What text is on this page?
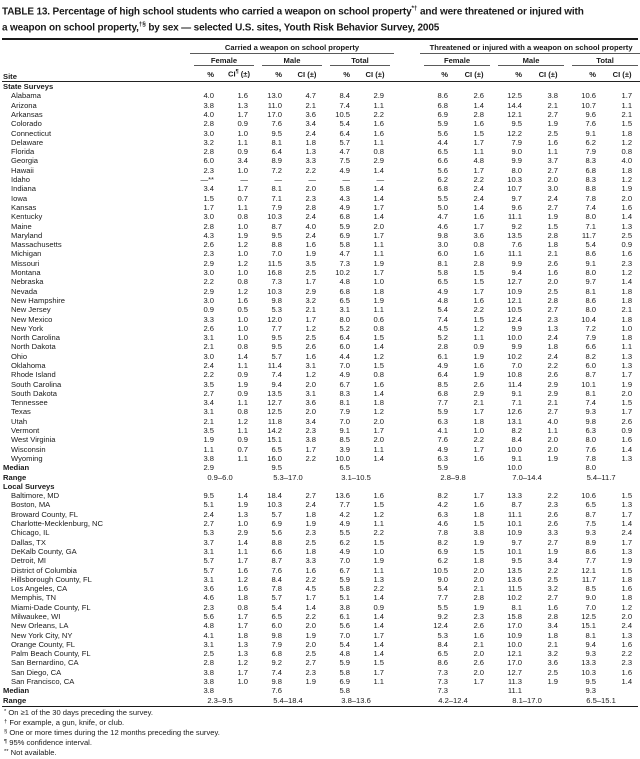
TABLE 13. Percentage of high school students who carried a weapon on school property*† and were threatened or injured with
a weapon on school property,†§ by sex — selected U.S. sites, Youth Risk Behavior Survey, 2005
Site	Carried a weapon on school property							Threatened or injured with a weapon on school property					

	Female		Male		Total			Female		Male		Total	

	%	CI¶ (±)	%	CI (±)	%	CI (±)		%	CI (±)	%	CI (±)	%	CI (±)
State Surveys													
Alabama	4.0	1.6	13.0	4.7	8.4	2.9		8.6	2.6	12.5	3.8	10.6	1.7
Arizona	3.8	1.3	11.0	2.1	7.4	1.1		6.8	1.4	14.4	2.1	10.7	1.1
Arkansas	4.0	1.7	17.0	3.6	10.5	2.2		6.9	2.8	12.1	2.7	9.6	2.1
Colorado	2.8	0.9	7.6	3.4	5.4	1.6		5.9	1.6	9.5	1.9	7.6	1.5
Connecticut	3.0	1.0	9.5	2.4	6.4	1.6		5.6	1.5	12.2	2.5	9.1	1.8
Delaware	3.2	1.1	8.1	1.8	5.7	1.1		4.4	1.7	7.9	1.6	6.2	1.2
Florida	2.8	0.9	6.4	1.3	4.7	0.8		6.5	1.1	9.0	1.1	7.9	0.8
Georgia	6.0	3.4	8.9	3.3	7.5	2.9		6.6	4.8	9.9	3.7	8.3	4.0
Hawaii	2.3	1.0	7.2	2.2	4.9	1.4		5.6	1.7	8.0	2.7	6.8	1.8
Idaho	—**	—	—	—	—	—		6.2	2.2	10.3	2.0	8.3	1.2
Indiana	3.4	1.7	8.1	2.0	5.8	1.4		6.8	2.4	10.7	3.0	8.8	1.9
Iowa	1.5	0.7	7.1	2.3	4.3	1.4		5.5	2.4	9.7	2.4	7.8	2.0
Kansas	1.7	1.1	7.9	2.8	4.9	1.7		5.0	1.4	9.6	2.7	7.4	1.6
Kentucky	3.0	0.8	10.3	2.4	6.8	1.4		4.7	1.6	11.1	1.9	8.0	1.4
Maine	2.8	1.0	8.7	4.0	5.9	2.0		4.6	1.7	9.2	1.5	7.1	1.3
Maryland	4.3	1.9	9.5	2.4	6.9	1.7		9.8	3.6	13.5	2.8	11.7	2.5
Massachusetts	2.6	1.2	8.8	1.6	5.8	1.1		3.0	0.8	7.6	1.8	5.4	0.9
Michigan	2.3	1.0	7.0	1.9	4.7	1.1		6.0	1.6	11.1	2.1	8.6	1.6
Missouri	2.9	1.2	11.5	3.5	7.3	1.9		8.1	2.8	9.9	2.6	9.1	2.3
Montana	3.0	1.0	16.8	2.5	10.2	1.7		5.8	1.5	9.4	1.6	8.0	1.2
Nebraska	2.2	0.8	7.3	1.7	4.8	1.0		6.5	1.5	12.7	2.0	9.7	1.4
Nevada	2.9	1.2	10.3	2.9	6.8	1.8		4.9	1.7	10.9	2.5	8.1	1.8
New Hampshire	3.0	1.6	9.8	3.2	6.5	1.9		4.8	1.6	12.1	2.8	8.6	1.8
New Jersey	0.9	0.5	5.3	2.1	3.1	1.1		5.4	2.2	10.5	2.7	8.0	2.1
New Mexico	3.3	1.0	12.0	1.7	8.0	0.6		7.4	1.5	12.4	2.3	10.4	1.8
New York	2.6	1.0	7.7	1.2	5.2	0.8		4.5	1.2	9.9	1.3	7.2	1.0
North Carolina	3.1	1.0	9.5	2.5	6.4	1.5		5.2	1.1	10.0	2.4	7.9	1.8
North Dakota	2.1	0.8	9.5	2.6	6.0	1.4		2.8	0.9	9.9	1.8	6.6	1.1
Ohio	3.0	1.4	5.7	1.6	4.4	1.2		6.1	1.9	10.2	2.4	8.2	1.3
Oklahoma	2.4	1.1	11.4	3.1	7.0	1.5		4.9	1.6	7.0	2.2	6.0	1.3
Rhode Island	2.2	0.9	7.4	1.2	4.9	0.8		6.4	1.9	10.8	2.6	8.7	1.7
South Carolina	3.5	1.9	9.4	2.0	6.7	1.6		8.5	2.6	11.4	2.9	10.1	1.9
South Dakota	2.7	0.9	13.5	3.1	8.3	1.4		6.8	2.9	9.1	2.9	8.1	2.0
Tennessee	3.4	1.1	12.7	3.6	8.1	1.8		7.7	2.1	7.1	2.1	7.4	1.5
Texas	3.1	0.8	12.5	2.0	7.9	1.2		5.9	1.7	12.6	2.7	9.3	1.7
Utah	2.1	1.2	11.8	3.4	7.0	2.0		6.3	1.8	13.1	4.0	9.8	2.6
Vermont	3.5	1.1	14.2	2.3	9.1	1.7		4.1	1.0	8.2	1.1	6.3	0.9
West Virginia	1.9	0.9	15.1	3.8	8.5	2.0		7.6	2.2	8.4	2.0	8.0	1.6
Wisconsin	1.1	0.7	6.5	1.7	3.9	1.1		4.9	1.7	10.0	2.0	7.6	1.4
Wyoming	3.8	1.1	16.0	2.2	10.0	1.4		6.3	1.6	9.1	1.9	7.8	1.3
Median	2.9		9.5		6.5			5.9		10.0		8.0	
Range	0.9–6.0		5.3–17.0		3.1–10.5			2.8–9.8		7.0–14.4		5.4–11.7	
Local Surveys													
Baltimore, MD	9.5	1.4	18.4	2.7	13.6	1.6		8.2	1.7	13.3	2.2	10.6	1.5
Boston, MA	5.1	1.9	10.3	2.4	7.7	1.5		4.2	1.6	8.7	2.3	6.5	1.3
Broward County, FL	2.4	1.3	5.7	1.8	4.2	1.2		6.3	1.8	11.1	2.6	8.7	1.7
Charlotte-Mecklenburg, NC	2.7	1.0	6.9	1.9	4.9	1.1		4.6	1.5	10.1	2.6	7.5	1.4
Chicago, IL	5.3	2.9	5.6	2.3	5.5	2.2		7.8	3.8	10.9	3.3	9.3	2.4
Dallas, TX	3.7	1.4	8.8	2.5	6.2	1.5		8.2	1.9	9.7	2.7	8.9	1.7
DeKalb County, GA	3.1	1.1	6.6	1.8	4.9	1.0		6.9	1.5	10.1	1.9	8.6	1.3
Detroit, MI	5.7	1.7	8.7	3.3	7.0	1.9		6.2	1.8	9.5	3.4	7.7	1.9
District of Columbia	5.7	1.6	7.6	1.6	6.7	1.1		10.5	2.0	13.5	2.2	12.1	1.5
Hillsborough County, FL	3.1	1.2	8.4	2.2	5.9	1.3		9.0	2.0	13.6	2.5	11.7	1.8
Los Angeles, CA	3.6	1.6	7.8	4.5	5.8	2.2		5.4	2.1	11.5	3.2	8.5	1.6
Memphis, TN	4.6	1.8	5.7	1.7	5.1	1.4		7.7	2.8	10.2	2.7	9.0	1.8
Miami-Dade County, FL	2.3	0.8	5.4	1.4	3.8	0.9		5.5	1.9	8.1	1.6	7.0	1.2
Milwaukee, WI	5.6	1.7	6.5	2.2	6.1	1.4		9.2	2.3	15.8	2.8	12.5	2.0
New Orleans, LA	4.8	1.7	6.0	2.0	5.6	1.4		12.4	2.6	17.0	3.4	15.1	2.4
New York City, NY	4.1	1.8	9.8	1.9	7.0	1.7		5.3	1.6	10.9	1.8	8.1	1.3
Orange County, FL	3.1	1.3	7.9	2.0	5.4	1.4		8.4	2.1	10.0	2.1	9.4	1.6
Palm Beach County, FL	2.5	1.3	6.8	2.5	4.8	1.4		6.5	2.0	12.1	3.2	9.3	2.2
San Bernardino, CA	2.8	1.2	9.2	2.7	5.9	1.5		8.6	2.6	17.0	3.6	13.3	2.3
San Diego, CA	3.8	1.7	7.4	2.3	5.8	1.7		7.3	2.0	12.7	2.5	10.3	1.6
San Francisco, CA	3.8	1.0	9.8	1.9	6.9	1.1		7.3	1.7	11.3	1.9	9.5	1.4
Median	3.8		7.6		5.8			7.3		11.1		9.3	
Range	2.3–9.5		5.4–18.4		3.8–13.6			4.2–12.4		8.1–17.0		6.5–15.1	
* On ≥1 of the 30 days preceding the survey.
† For example, a gun, knife, or club.
§ One or more times during the 12 months preceding the survey.
¶ 95% confidence interval.
** Not available.
